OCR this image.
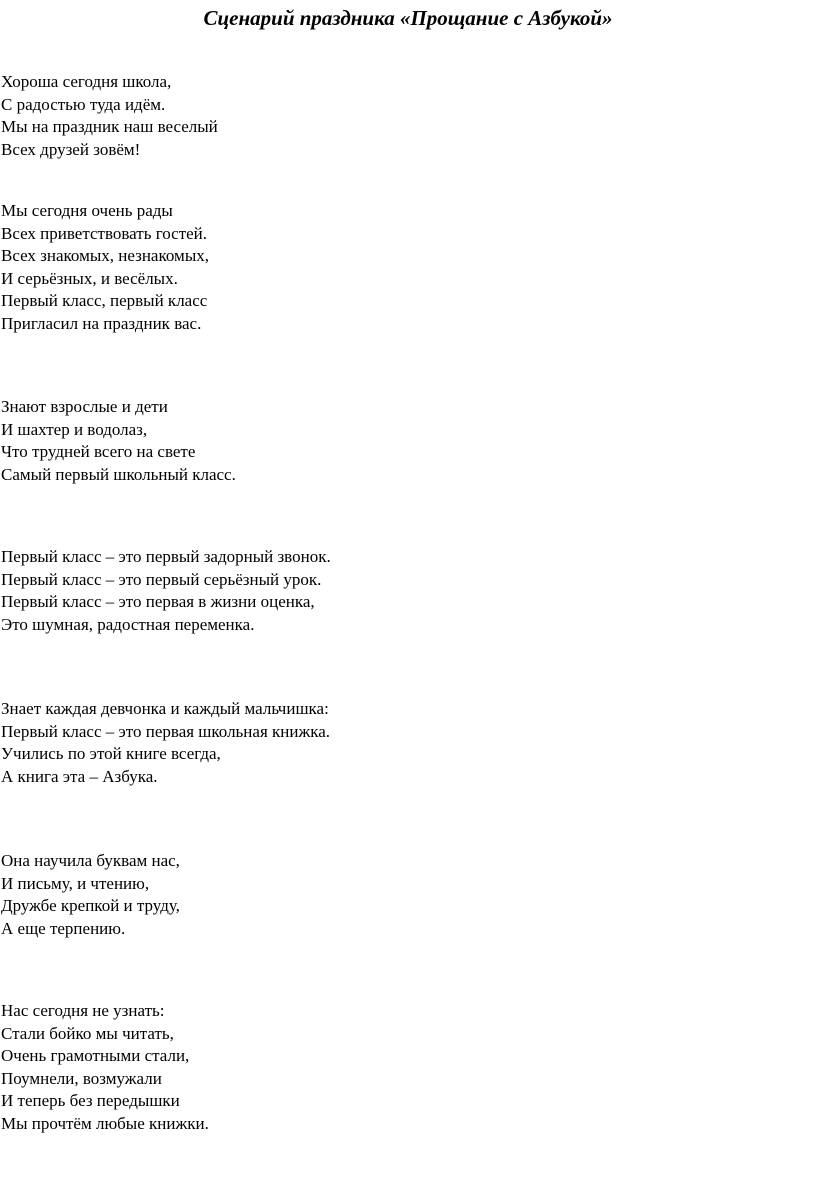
Сценарий праздника «Прощание с Азбукой»
Хороша сегодня школа,
С радостью туда идём.
Мы на праздник наш веселый
Всех друзей зовём!
Мы сегодня очень рады
Всех приветствовать гостей.
Всех знакомых, незнакомых,
И серьёзных, и весёлых.
Первый класс, первый класс
Пригласил на праздник вас.
Знают взрослые и дети
И шахтер и водолаз,
Что трудней всего на свете
Самый первый школьный класс.
Первый класс – это первый задорный звонок.
Первый класс – это первый серьёзный урок.
Первый класс – это первая в жизни оценка,
Это шумная, радостная переменка.
Знает каждая девчонка и каждый мальчишка:
Первый класс – это первая школьная книжка.
Учились по этой книге всегда,
А книга эта – Азбука.
Она научила буквам нас,
И письму, и чтению,
Дружбе крепкой и труду,
А еще терпению.
Нас сегодня не узнать:
Стали бойко мы читать,
Очень грамотными стали,
Поумнели, возмужали
И теперь без передышки
Мы прочтём любые книжки.
